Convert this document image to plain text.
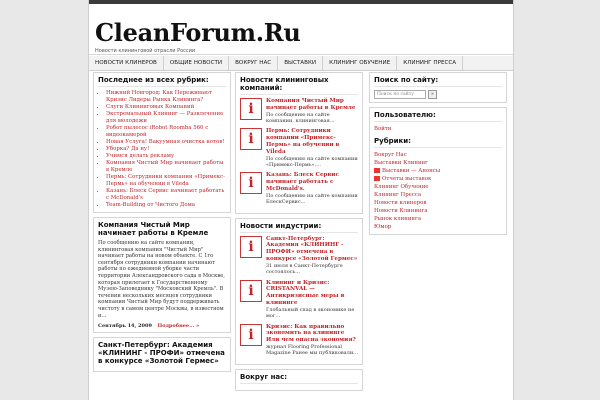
CleanForum.Ru
Новости клининговой отрасли России
НОВОСТИ КЛИНЕРОВ	ОБЩИЕ НОВОСТИ	ВОКРУГ НАС	ВЫСТАВКИ	КЛИНИНГ ОБУЧЕНИЕ	КЛИНИНГ ПРЕССА
Последнее из всех рубрик:
• Нижний Новгород: Как Переживают Кризис Лидеры Рынка Клининга?
• Слуги Клининговых Компаний
• Экстремальный Клининг — Развлечение для молодежи
• Робот пылесос iRobot Roomba 560 с видеокамерой
• Новая Услуга! Вакуумная очистка котов!
• Уборка? Да ну!
• Учимся делать рекламу
• Компания Чистый Мир начинает работы в Кремле
• Пермь: Сотрудники компании «Примекс-Пермь» на обучении в Vileda
• Казань: Блеск Сервис начинает работать с McDonald's
• Team-Building от Чистого Дома

Компания Чистый Мир начинает работы в Кремле

По сообщению на сайте компании, клининговая компания "Чистый Мир" начинает работы на новом объекте. С 1го сентября сотрудники компании начинают работы по ежедневной уборке части территории Александровского сада в Москве, которая прилегает к Государственному Музею-Заповеднику "Московский Кремль". В течении нескольких месяцев сотрудники компании Чистый Мир будут поддерживать чистоту в самом центре Москвы, в известном и...

Сентябрь 14, 2009 Подробнее... »

Санкт-Петербург: Академия «КЛИНИНГ - ПРОФИ» отмечена в конкурсе «Золотой Гермес»

Новости клининговых компаний:
i	Компания Чистый Мир начинает работы в Кремле
По сообщению на сайте компании, клининговая...
i	Пермь: Сотрудники компании «Примекс-Пермь» на обучении в Vileda
По сообщению на сайте компании «Примекс-Пермь»,...
i	Казань: Блеск Сервис начинает работать с McDonald's.
По сообщению на сайте компании БлескСервис...
Новости индустрии:
i	Санкт-Петербург: Академия «КЛИНИНГ - ПРОФИ» отмечена в конкурсе «Золотой Гермес»
31 июля в Санкт-Петербурге состоялось...
i	Клининг и Кризис: CRISTANVAL — Антикризисные меры в клининге
Глобальный спад в экономике не мог...
i	Кризис: Как правильно экономить на клининге Или чем опасна экономия?
журнал Flooring Professional Magazine Ранее мы публиковали...
Вокруг нас:
Поиск по сайту:
Поиск по сайту	»
Пользователю:
Войти
Рубрики:
Вокруг Нас
Выставки Клининг
Выставки — Анонсы
Отчеты выставок
Клининг Обучение
Клининг Пресса
Новости клинеров
Новости Клининга
Рынок клининга
Юмор
